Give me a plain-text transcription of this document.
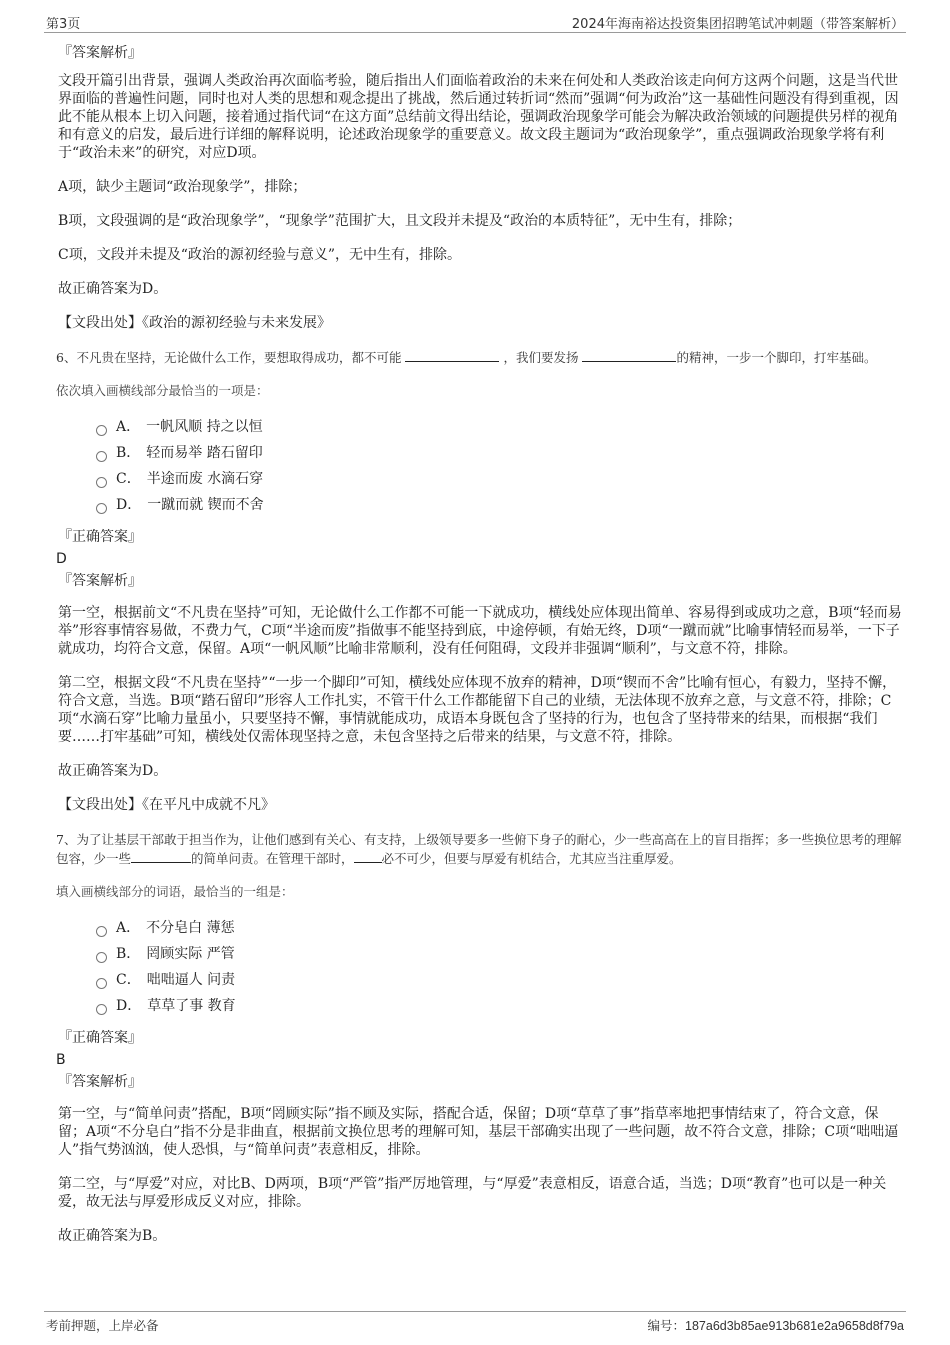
第3页	2024年海南裕达投资集团招聘笔试冲刺题（带答案解析）
『答案解析』

文段开篇引出背景，强调人类政治再次面临考验，随后指出人们面临着政治的未来在何处和人类政治该走向何方这两个问题，这是当代世界面临的普遍性问题，同时也对人类的思想和观念提出了挑战，然后通过转折词“然而”强调“何为政治”这一基础性问题没有得到重视，因此不能从根本上切入问题，接着通过指代词“在这方面”总结前文得出结论，强调政治现象学可能会为解决政治领域的问题提供另样的视角和有意义的启发，最后进行详细的解释说明，论述政治现象学的重要意义。故文段主题词为“政治现象学”，重点强调政治现象学将有利于“政治未来”的研究，对应D项。

A项，缺少主题词“政治现象学”，排除；

B项，文段强调的是“政治现象学”，“现象学”范围扩大，且文段并未提及“政治的本质特征”，无中生有，排除；

C项，文段并未提及“政治的源初经验与意义”，无中生有，排除。

故正确答案为D。

【文段出处】《政治的源初经验与未来发展》

6、不凡贵在坚持，无论做什么工作，要想取得成功，都不可能	，我们要发扬	的精神，一步一个脚印，打牢基础。

依次填入画横线部分最恰当的一项是：

A． 一帆风顺 持之以恒
B． 轻而易举 踏石留印
C． 半途而废 水滴石穿
D． 一蹴而就 锲而不舍
『正确答案』
D
『答案解析』

第一空，根据前文“不凡贵在坚持”可知，无论做什么工作都不可能一下就成功，横线处应体现出简单、容易得到或成功之意，B项“轻而易举”形容事情容易做，不费力气，C项“半途而废”指做事不能坚持到底，中途停顿，有始无终，D项“一蹴而就”比喻事情轻而易举，一下子就成功，均符合文意，保留。A项“一帆风顺”比喻非常顺利，没有任何阻碍，文段并非强调“顺利”，与文意不符，排除。

第二空，根据文段“不凡贵在坚持”“一步一个脚印”可知，横线处应体现不放弃的精神，D项“锲而不舍”比喻有恒心，有毅力，坚持不懈，符合文意，当选。B项“踏石留印”形容人工作扎实，不管干什么工作都能留下自己的业绩，无法体现不放弃之意，与文意不符，排除；C项“水滴石穿”比喻力量虽小，只要坚持不懈，事情就能成功，成语本身既包含了坚持的行为，也包含了坚持带来的结果，而根据“我们要……打牢基础”可知，横线处仅需体现坚持之意，未包含坚持之后带来的结果，与文意不符，排除。

故正确答案为D。

【文段出处】《在平凡中成就不凡》

7、为了让基层干部敢于担当作为，让他们感到有关心、有支持，上级领导要多一些俯下身子的耐心，少一些高高在上的盲目指挥；多一些换位思考的理解包容，少一些	的简单问责。在管理干部时， 必不可少，但要与厚爱有机结合，尤其应当注重厚爱。

填入画横线部分的词语，最恰当的一组是：

A． 不分皂白 薄惩
B． 罔顾实际 严管
C． 咄咄逼人 问责
D． 草草了事 教育
『正确答案』
B
『答案解析』

第一空，与“简单问责”搭配，B项“罔顾实际”指不顾及实际，搭配合适，保留；D项“草草了事”指草率地把事情结束了，符合文意，保留；A项“不分皂白”指不分是非曲直，根据前文换位思考的理解可知，基层干部确实出现了一些问题，故不符合文意，排除；C项“咄咄逼人”指气势汹汹，使人恐惧，与“简单问责”表意相反，排除。

第二空，与“厚爱”对应，对比B、D两项，B项“严管”指严厉地管理，与“厚爱”表意相反，语意合适，当选；D项“教育”也可以是一种关爱，故无法与厚爱形成反义对应，排除。

故正确答案为B。

考前押题，上岸必备	编号：187a6d3b85ae913b681e2a9658d8f79a
